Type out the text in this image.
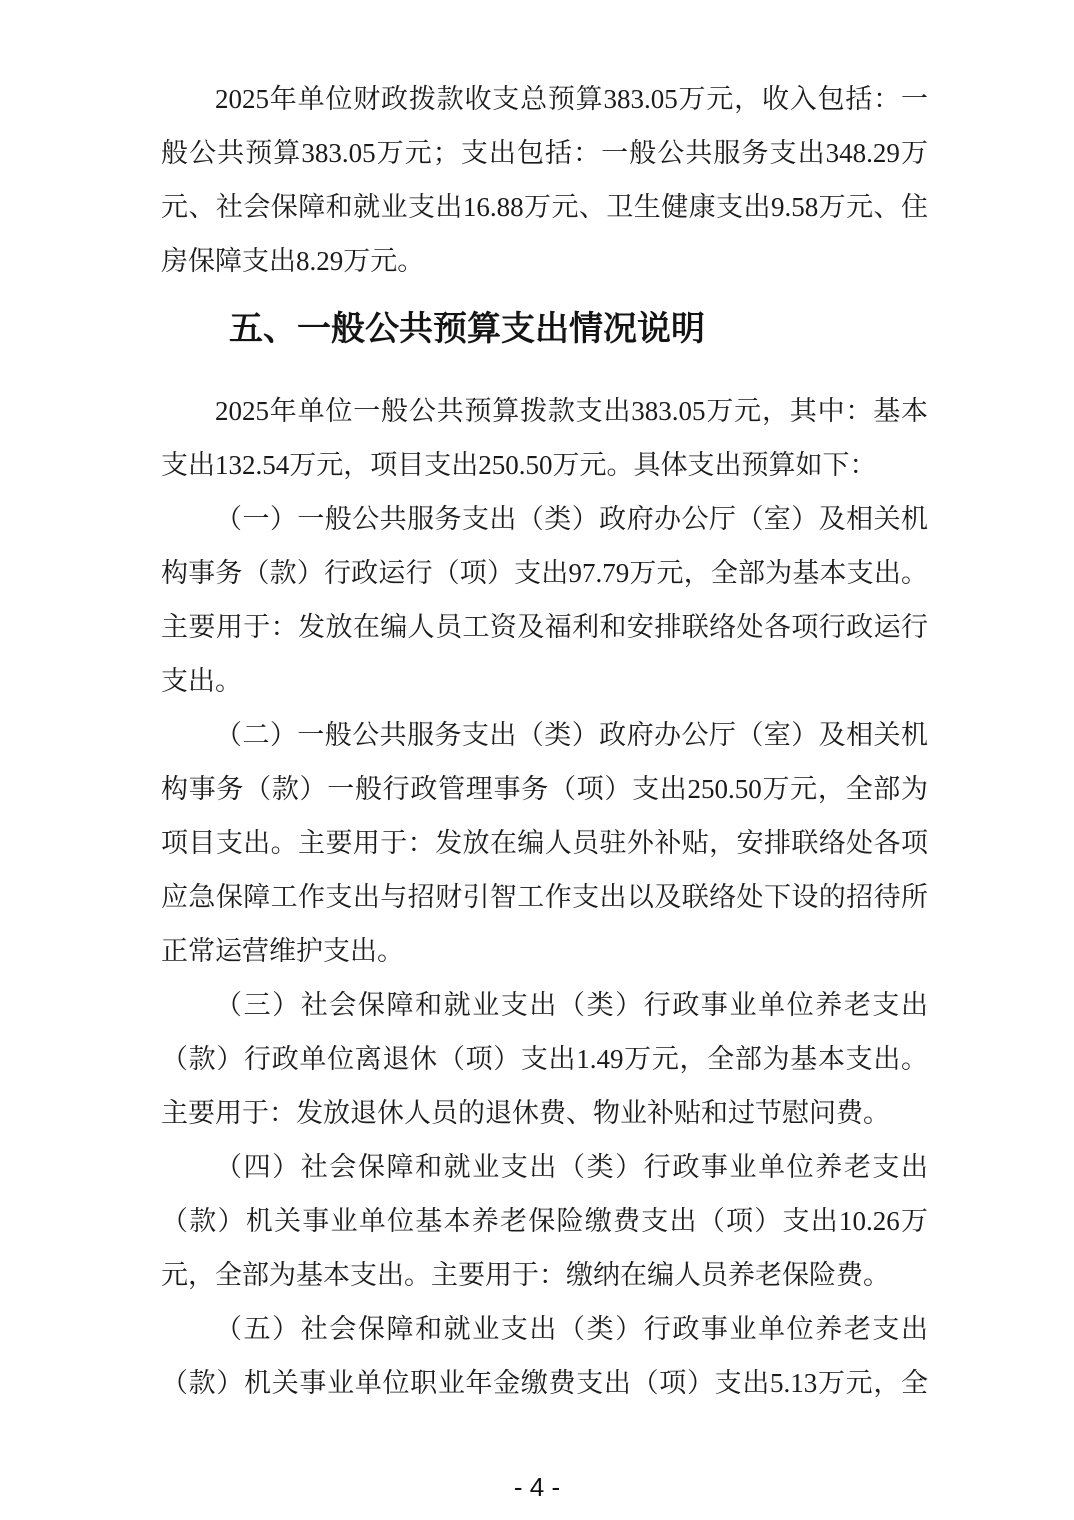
2025年单位财政拨款收支总预算383.05万元，收入包括：一般公共预算383.05万元；支出包括：一般公共服务支出348.29万元、社会保障和就业支出16.88万元、卫生健康支出9.58万元、住房保障支出8.29万元。

五、一般公共预算支出情况说明

2025年单位一般公共预算拨款支出383.05万元，其中：基本支出132.54万元，项目支出250.50万元。具体支出预算如下：

（一）一般公共服务支出（类）政府办公厅（室）及相关机构事务（款）行政运行（项）支出97.79万元，全部为基本支出。主要用于：发放在编人员工资及福利和安排联络处各项行政运行支出。

（二）一般公共服务支出（类）政府办公厅（室）及相关机构事务（款）一般行政管理事务（项）支出250.50万元，全部为项目支出。主要用于：发放在编人员驻外补贴，安排联络处各项应急保障工作支出与招财引智工作支出以及联络处下设的招待所正常运营维护支出。

（三）社会保障和就业支出（类）行政事业单位养老支出（款）行政单位离退休（项）支出1.49万元，全部为基本支出。主要用于：发放退休人员的退休费、物业补贴和过节慰问费。

（四）社会保障和就业支出（类）行政事业单位养老支出（款）机关事业单位基本养老保险缴费支出（项）支出10.26万元，全部为基本支出。主要用于：缴纳在编人员养老保险费。

（五）社会保障和就业支出（类）行政事业单位养老支出（款）机关事业单位职业年金缴费支出（项）支出5.13万元，全

- 4 -
